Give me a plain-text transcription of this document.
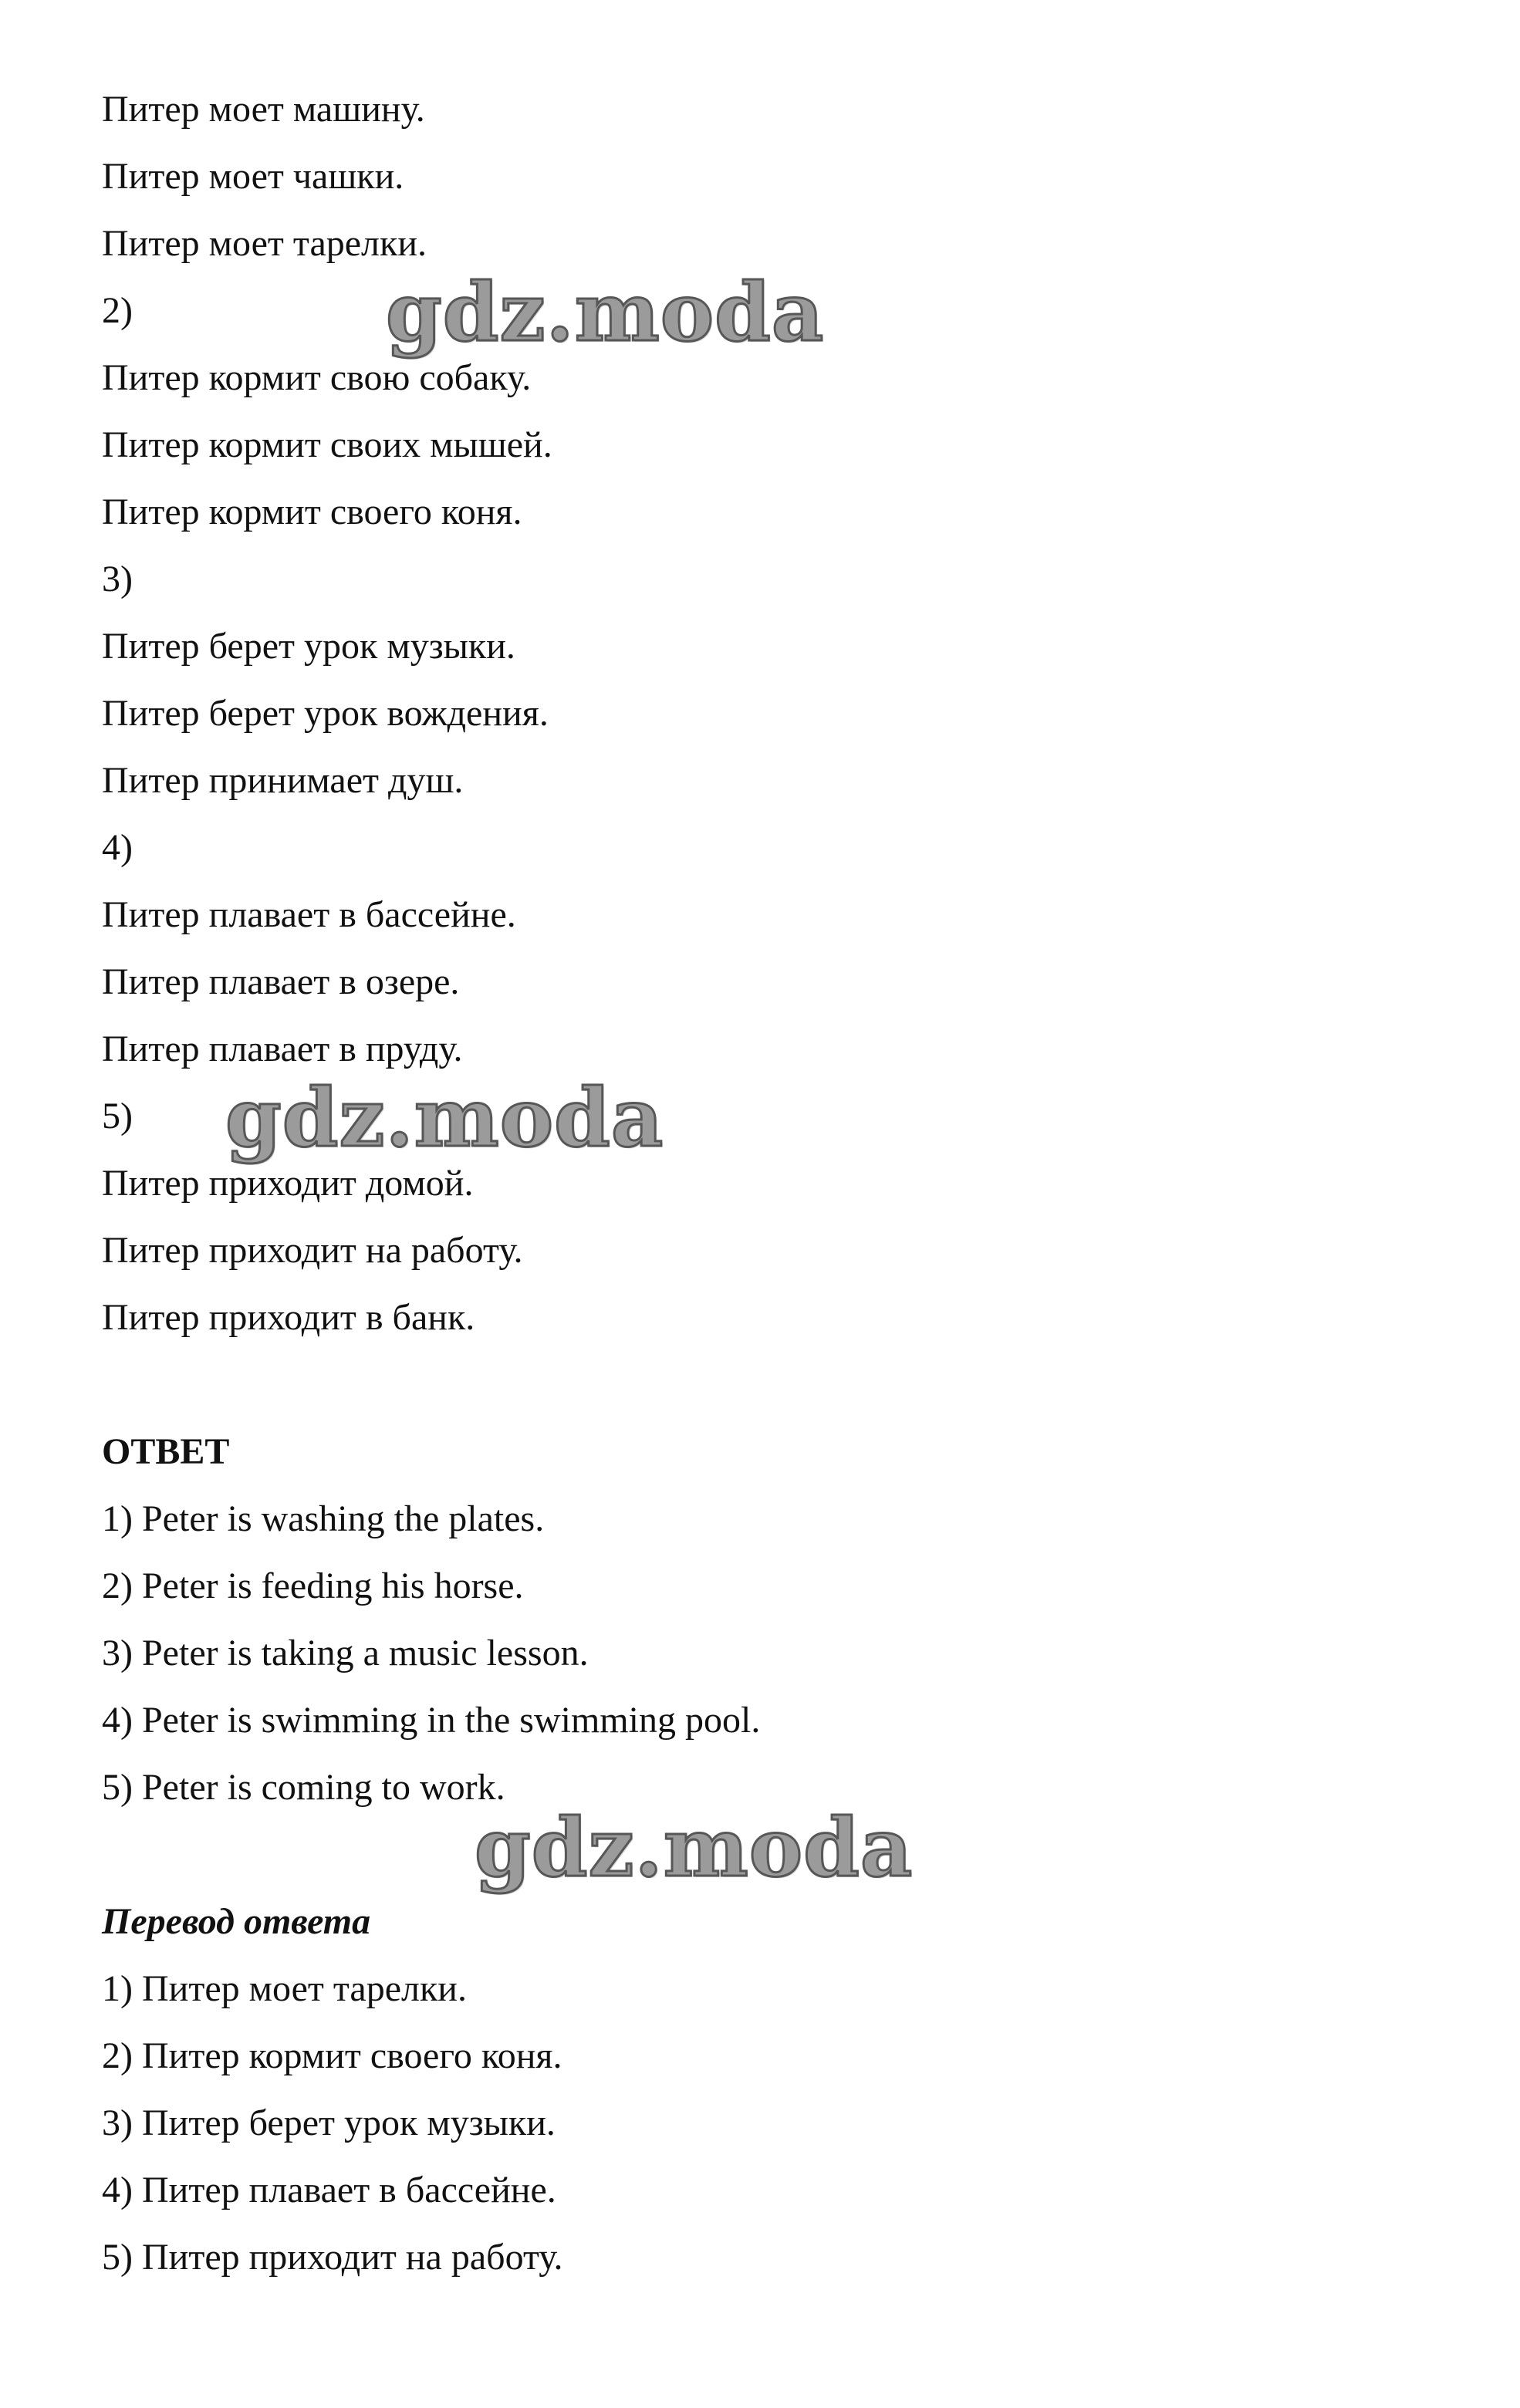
Питер моет машину.
Питер моет чашки.
Питер моет тарелки.
2)
Питер кормит свою собаку.
Питер кормит своих мышей.
Питер кормит своего коня.
3)
Питер берет урок музыки.
Питер берет урок вождения.
Питер принимает душ.
4)
Питер плавает в бассейне.
Питер плавает в озере.
Питер плавает в пруду.
5)
Питер приходит домой.
Питер приходит на работу.
Питер приходит в банк.
ОТВЕТ
1) Peter is washing the plates.
2) Peter is feeding his horse.
3) Peter is taking a music lesson.
4) Peter is swimming in the swimming pool.
5) Peter is coming to work.
Перевод ответа
1) Питер моет тарелки.
2) Питер кормит своего коня.
3) Питер берет урок музыки.
4) Питер плавает в бассейне.
5) Питер приходит на работу.
gdz.moda
gdz.moda
gdz.moda
